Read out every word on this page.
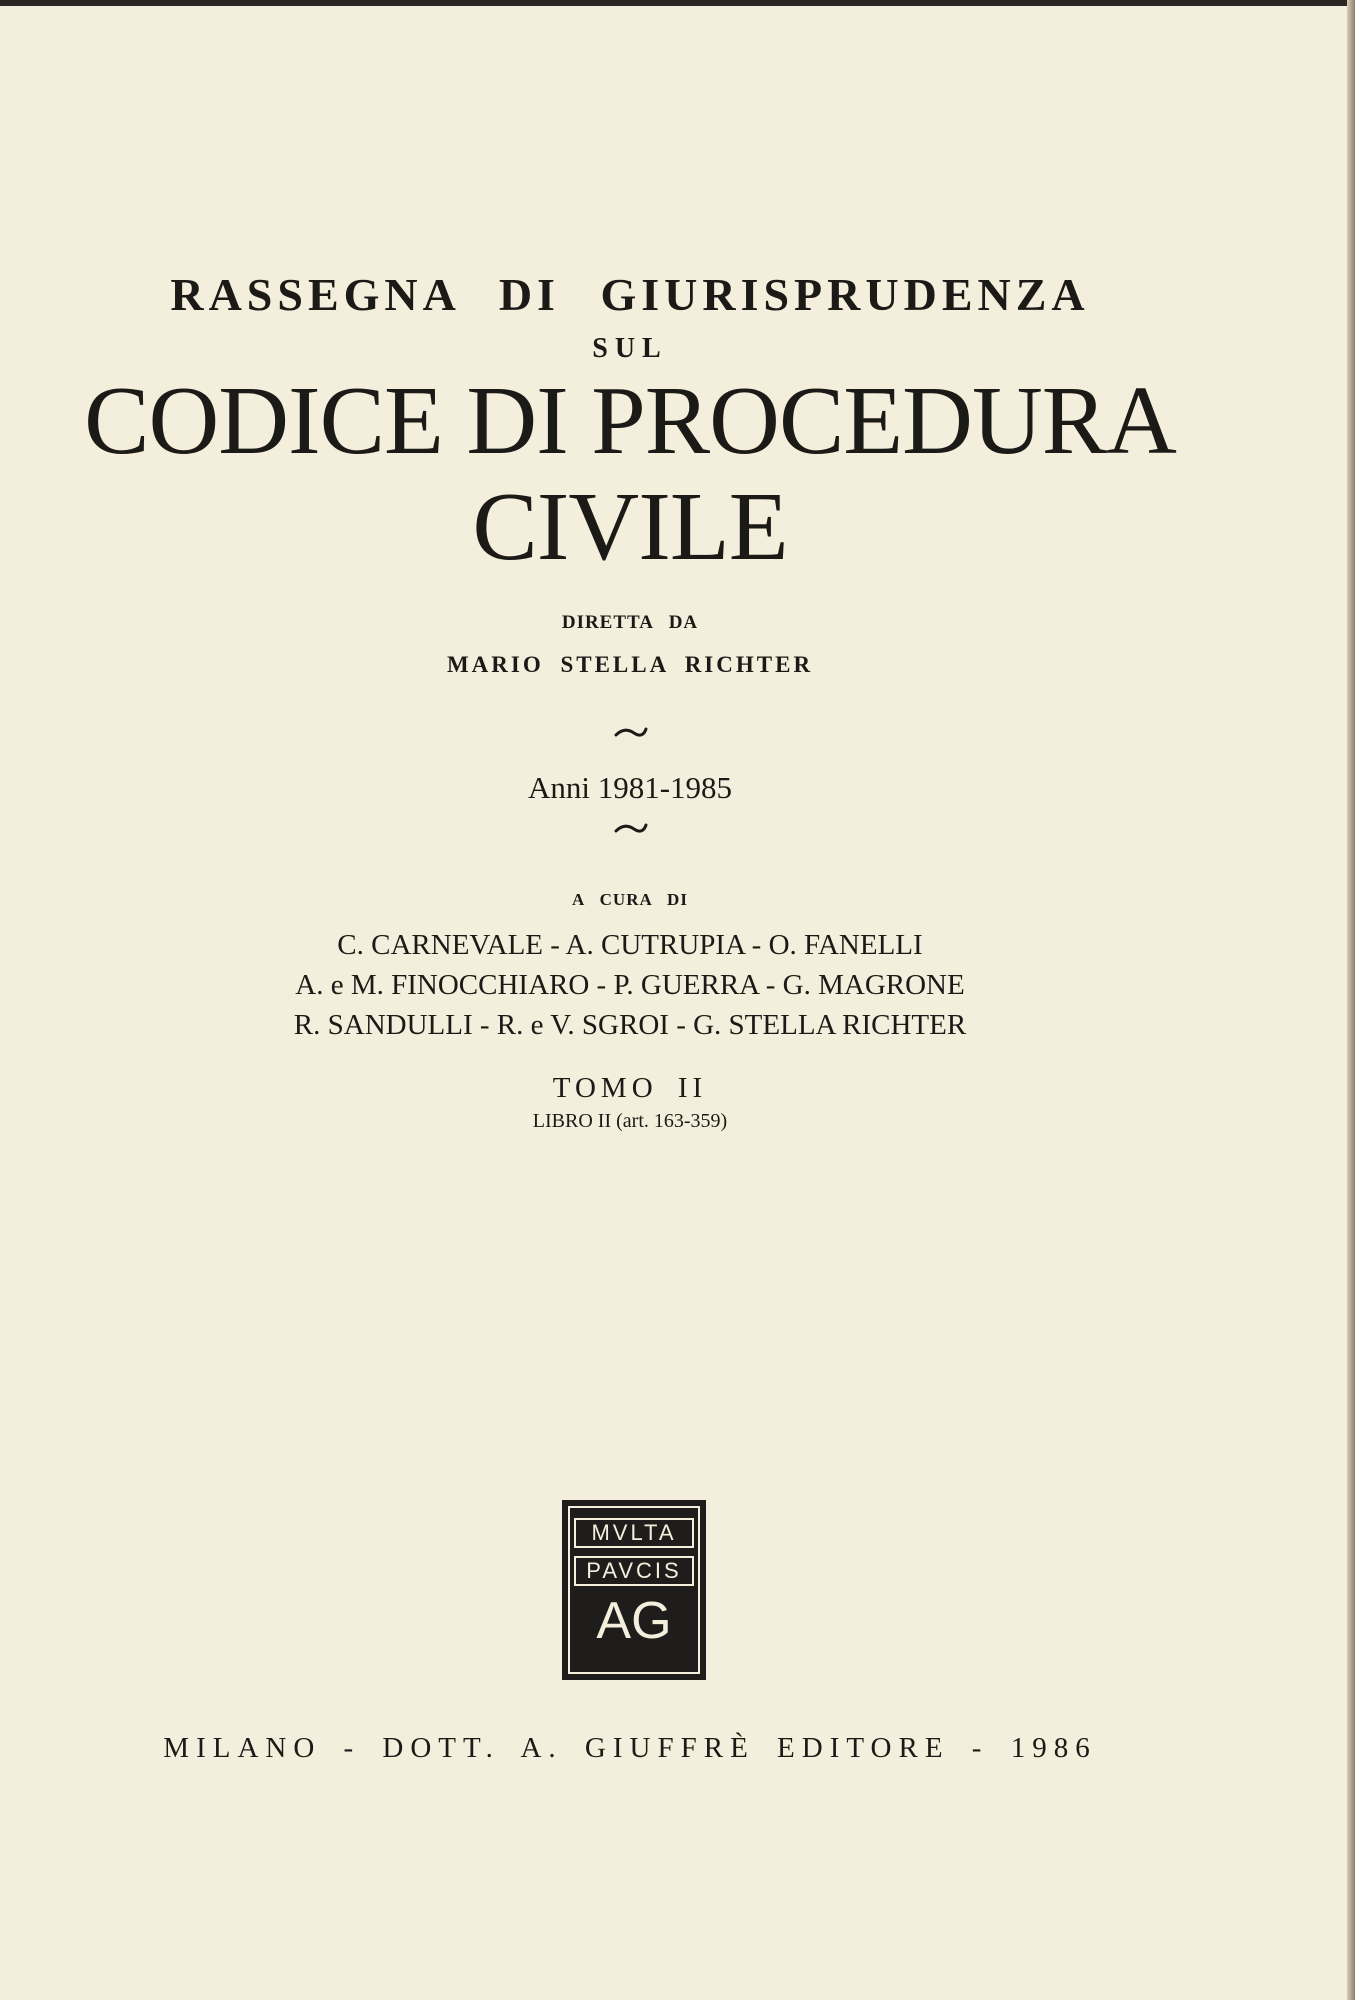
RASSEGNA DI GIURISPRUDENZA
SUL
CODICE DI PROCEDURA
CIVILE
DIRETTA DA
MARIO STELLA RICHTER
Anni 1981-1985
A CURA DI
C. CARNEVALE - A. CUTRUPIA - O. FANELLI
A. e M. FINOCCHIARO - P. GUERRA - G. MAGRONE
R. SANDULLI - R. e V. SGROI - G. STELLA RICHTER
TOMO II
LIBRO II (art. 163-359)
MVLTA
PAVCIS
AG
MILANO - DOTT. A. GIUFFRÈ EDITORE - 1986
